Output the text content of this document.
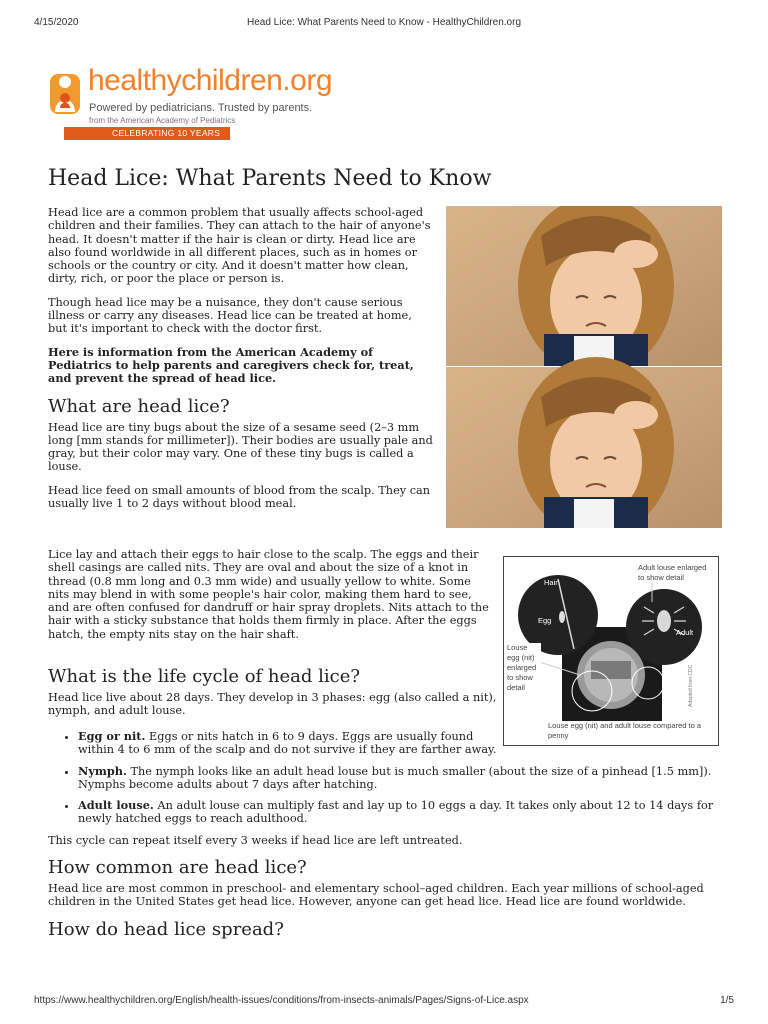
4/15/2020	Head Lice: What Parents Need to Know - HealthyChildren.org
healthychildren.org
Powered by pediatricians. Trusted by parents.
from the American Academy of Pediatrics
CELEBRATING 10 YEARS
Head Lice: What Parents Need to Know

Head lice are a common problem that usually affects school-aged children and their families. They can attach to the hair of anyone's head. It doesn't matter if the hair is clean or dirty. Head lice are also found worldwide in all different places, such as in homes or schools or the country or city. And it doesn't matter how clean, dirty, rich, or poor the place or person is.

Though head lice may be a nuisance, they don't cause serious illness or carry any diseases. Head lice can be treated at home, but it's important to check with the doctor first.

Here is information from the American Academy of Pediatrics to help parents and caregivers check for, treat, and prevent the spread of head lice.

What are head lice?

Head lice are tiny bugs about the size of a sesame seed (2–3 mm long [mm stands for millimeter]). Their bodies are usually pale and gray, but their color may vary. One of these tiny bugs is called a louse.

Head lice feed on small amounts of blood from the scalp. They can usually live 1 to 2 days without blood meal.

Lice lay and attach their eggs to hair close to the scalp. The eggs and their shell casings are called nits. They are oval and about the size of a knot in thread (0.8 mm long and 0.3 mm wide) and usually yellow to white. Some nits may blend in with some people's hair color, making them hard to see, and are often confused for dandruff or hair spray droplets. Nits attach to the hair with a sticky substance that holds them firmly in place. After the eggs hatch, the empty nits stay on the hair shaft.

Hair
Egg
Adult
Adapted from CDC
Adult louse enlarged to show detail
Louse egg (nit) enlarged to show detail
Louse egg (nit) and adult louse compared to a penny
What is the life cycle of head lice?

Head lice live about 28 days. They develop in 3 phases: egg (also called a nit), nymph, and adult louse.

• Egg or nit. Eggs or nits hatch in 6 to 9 days. Eggs are usually found within 4 to 6 mm of the scalp and do not survive if they are farther away.
• Nymph. The nymph looks like an adult head louse but is much smaller (about the size of a pinhead [1.5 mm]). Nymphs become adults about 7 days after hatching.
• Adult louse. An adult louse can multiply fast and lay up to 10 eggs a day. It takes only about 12 to 14 days for newly hatched eggs to reach adulthood.

This cycle can repeat itself every 3 weeks if head lice are left untreated.

How common are head lice?

Head lice are most common in preschool- and elementary school–aged children. Each year millions of school-aged children in the United States get head lice. However, anyone can get head lice. Head lice are found worldwide.

How do head lice spread?
https://www.healthychildren.org/English/health-issues/conditions/from-insects-animals/Pages/Signs-of-Lice.aspx	1/5
